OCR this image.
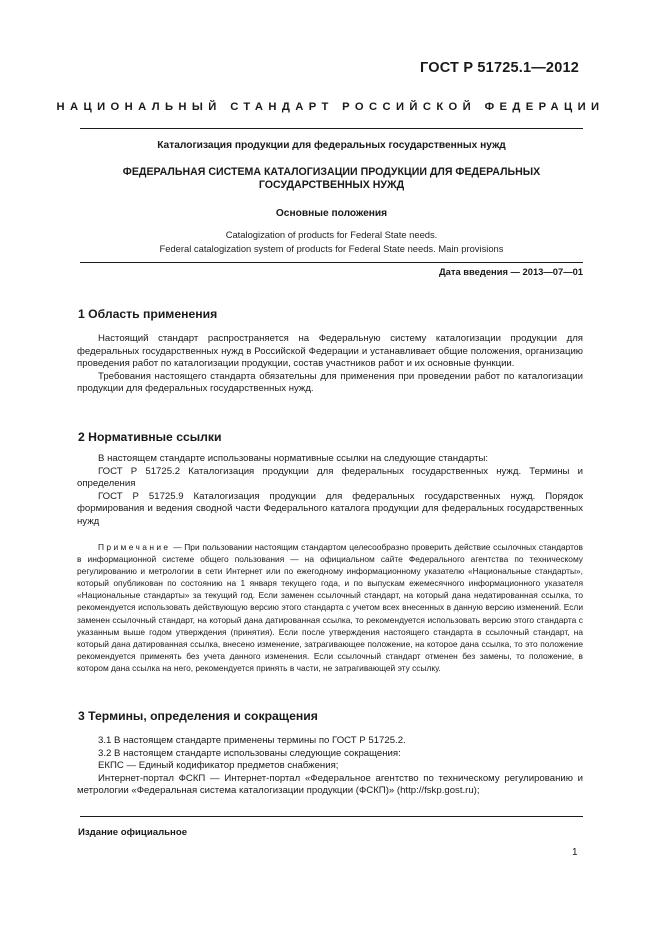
ГОСТ Р 51725.1—2012
НАЦИОНАЛЬНЫЙ СТАНДАРТ РОССИЙСКОЙ ФЕДЕРАЦИИ
Каталогизация продукции для федеральных государственных нужд
ФЕДЕРАЛЬНАЯ СИСТЕМА КАТАЛОГИЗАЦИИ ПРОДУКЦИИ ДЛЯ ФЕДЕРАЛЬНЫХ
ГОСУДАРСТВЕННЫХ НУЖД
Основные положения
Catalogization of products for Federal State needs.
Federal catalogization system of products for Federal State needs. Main provisions
Дата введения — 2013—07—01
1 Область применения

Настоящий стандарт распространяется на Федеральную систему каталогизации продукции для федеральных государственных нужд в Российской Федерации и устанавливает общие положения, организацию проведения работ по каталогизации продукции, состав участников работ и их основные функции.

Требования настоящего стандарта обязательны для применения при проведении работ по каталогизации продукции для федеральных государственных нужд.

2 Нормативные ссылки

В настоящем стандарте использованы нормативные ссылки на следующие стандарты:

ГОСТ Р 51725.2 Каталогизация продукции для федеральных государственных нужд. Термины и определения

ГОСТ Р 51725.9 Каталогизация продукции для федеральных государственных нужд. Порядок формирования и ведения сводной части Федерального каталога продукции для федеральных государственных нужд

Примечание — При пользовании настоящим стандартом целесообразно проверить действие ссылочных стандартов в информационной системе общего пользования — на официальном сайте Федерального агентства по техническому регулированию и метрологии в сети Интернет или по ежегодному информационному указателю «Национальные стандарты», который опубликован по состоянию на 1 января текущего года, и по выпускам ежемесячного информационного указателя «Национальные стандарты» за текущий год. Если заменен ссылочный стандарт, на который дана недатированная ссылка, то рекомендуется использовать действующую версию этого стандарта с учетом всех внесенных в данную версию изменений. Если заменен ссылочный стандарт, на который дана датированная ссылка, то рекомендуется использовать версию этого стандарта с указанным выше годом утверждения (принятия). Если после утверждения настоящего стандарта в ссылочный стандарт, на который дана датированная ссылка, внесено изменение, затрагивающее положение, на которое дана ссылка, то это положение рекомендуется применять без учета данного изменения. Если ссылочный стандарт отменен без замены, то положение, в котором дана ссылка на него, рекомендуется принять в части, не затрагивающей эту ссылку.

3 Термины, определения и сокращения

3.1 В настоящем стандарте применены термины по ГОСТ Р 51725.2.

3.2 В настоящем стандарте использованы следующие сокращения:

ЕКПС — Единый кодификатор предметов снабжения;

Интернет-портал ФСКП — Интернет-портал «Федеральное агентство по техническому регулированию и метрологии «Федеральная система каталогизации продукции (ФСКП)» (http://fskp.gost.ru);

Издание официальное
1
